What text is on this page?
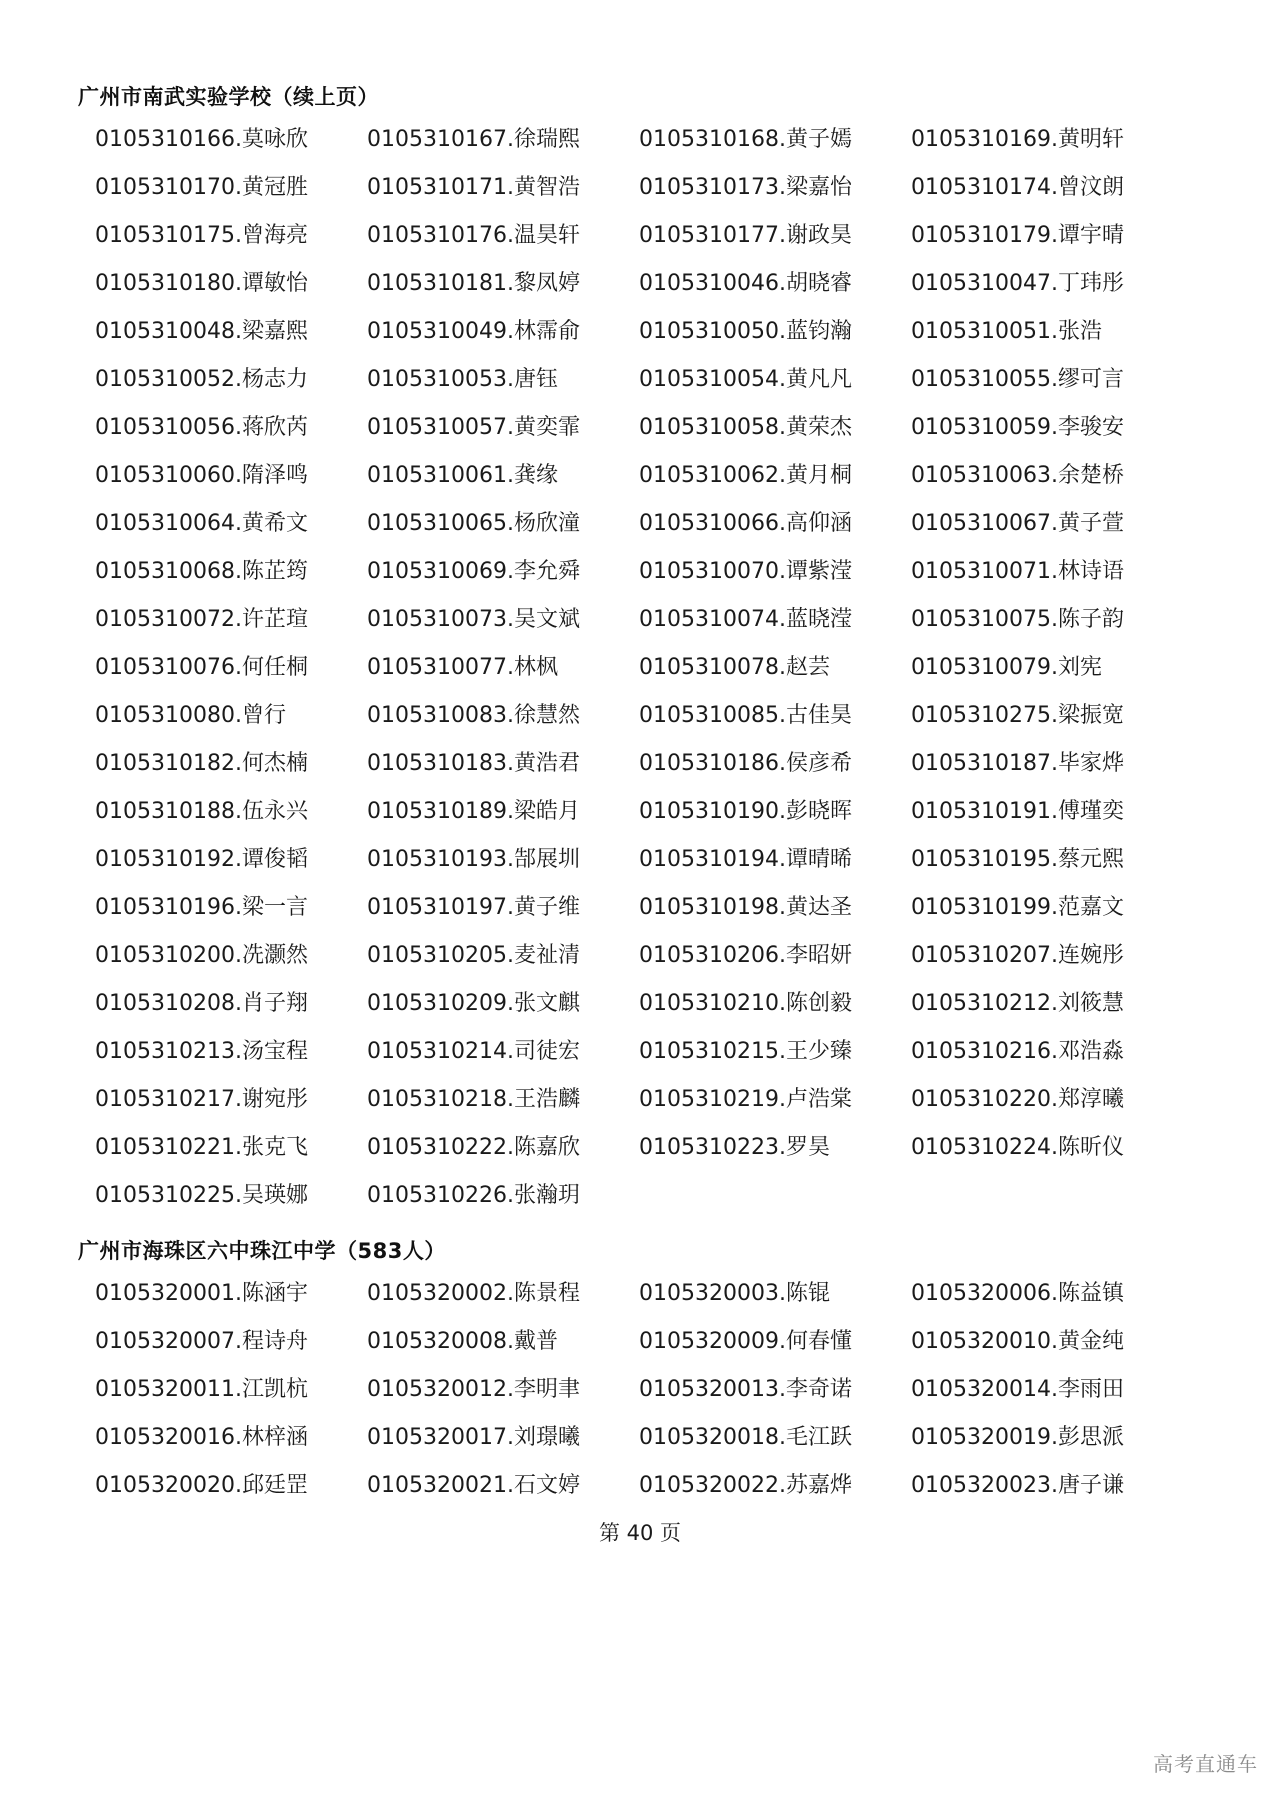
广州市南武实验学校（续上页）
0105310166.莫咏欣	0105310167.徐瑞熙	0105310168.黄子嫣	0105310169.黄明轩
0105310170.黄冠胜	0105310171.黄智浩	0105310173.梁嘉怡	0105310174.曾汶朗
0105310175.曾海亮	0105310176.温昊轩	0105310177.谢政昊	0105310179.谭宇晴
0105310180.谭敏怡	0105310181.黎凤婷	0105310046.胡晓睿	0105310047.丁玮彤
0105310048.梁嘉熙	0105310049.林霈俞	0105310050.蓝钧瀚	0105310051.张浩
0105310052.杨志力	0105310053.唐钰	0105310054.黄凡凡	0105310055.缪可言
0105310056.蒋欣芮	0105310057.黄奕霏	0105310058.黄荣杰	0105310059.李骏安
0105310060.隋泽鸣	0105310061.龚缘	0105310062.黄月桐	0105310063.余楚桥
0105310064.黄希文	0105310065.杨欣潼	0105310066.高仰涵	0105310067.黄子萱
0105310068.陈芷筠	0105310069.李允舜	0105310070.谭紫滢	0105310071.林诗语
0105310072.许芷瑄	0105310073.吴文斌	0105310074.蓝晓滢	0105310075.陈子韵
0105310076.何任桐	0105310077.林枫	0105310078.赵芸	0105310079.刘宪
0105310080.曾行	0105310083.徐慧然	0105310085.古佳昊	0105310275.梁振宽
0105310182.何杰楠	0105310183.黄浩君	0105310186.侯彦希	0105310187.毕家烨
0105310188.伍永兴	0105310189.梁皓月	0105310190.彭晓晖	0105310191.傅瑾奕
0105310192.谭俊韬	0105310193.郜展圳	0105310194.谭晴晞	0105310195.蔡元熙
0105310196.梁一言	0105310197.黄子维	0105310198.黄达圣	0105310199.范嘉文
0105310200.冼灏然	0105310205.麦祉清	0105310206.李昭妍	0105310207.连婉彤
0105310208.肖子翔	0105310209.张文麒	0105310210.陈创毅	0105310212.刘筱慧
0105310213.汤宝程	0105310214.司徒宏	0105310215.王少臻	0105310216.邓浩淼
0105310217.谢宛彤	0105310218.王浩麟	0105310219.卢浩棠	0105310220.郑淳曦
0105310221.张克飞	0105310222.陈嘉欣	0105310223.罗昊	0105310224.陈昕仪
0105310225.吴瑛娜	0105310226.张瀚玥
广州市海珠区六中珠江中学（583人）
0105320001.陈涵宇	0105320002.陈景程	0105320003.陈锟	0105320006.陈益镇
0105320007.程诗舟	0105320008.戴普	0105320009.何春懂	0105320010.黄金纯
0105320011.江凯杭	0105320012.李明聿	0105320013.李奇诺	0105320014.李雨田
0105320016.林梓涵	0105320017.刘璟曦	0105320018.毛江跃	0105320019.彭思派
0105320020.邱廷罡	0105320021.石文婷	0105320022.苏嘉烨	0105320023.唐子谦
第 40 页
高考直通车
